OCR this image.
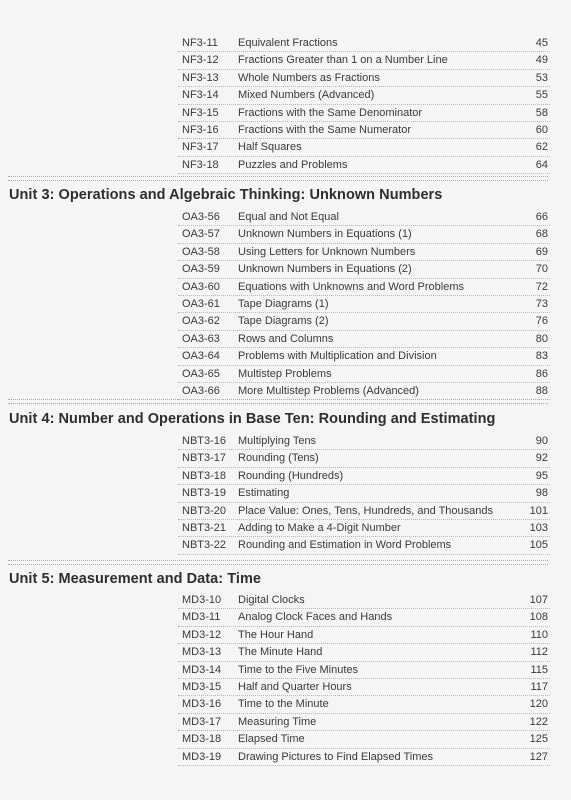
NF3-11 Equivalent Fractions	45
NF3-12 Fractions Greater than 1 on a Number Line	49
NF3-13 Whole Numbers as Fractions	53
NF3-14 Mixed Numbers (Advanced)	55
NF3-15 Fractions with the Same Denominator	58
NF3-16 Fractions with the Same Numerator	60
NF3-17 Half Squares	62
NF3-18 Puzzles and Problems	64
Unit 3: Operations and Algebraic Thinking: Unknown Numbers
OA3-56 Equal and Not Equal	66
OA3-57 Unknown Numbers in Equations (1)	68
OA3-58 Using Letters for Unknown Numbers	69
OA3-59 Unknown Numbers in Equations (2)	70
OA3-60 Equations with Unknowns and Word Problems	72
OA3-61 Tape Diagrams (1)	73
OA3-62 Tape Diagrams (2)	76
OA3-63 Rows and Columns	80
OA3-64 Problems with Multiplication and Division	83
OA3-65 Multistep Problems	86
OA3-66 More Multistep Problems (Advanced)	88
Unit 4: Number and Operations in Base Ten: Rounding and Estimating
NBT3-16 Multiplying Tens	90
NBT3-17 Rounding (Tens)	92
NBT3-18 Rounding (Hundreds)	95
NBT3-19 Estimating	98
NBT3-20 Place Value: Ones, Tens, Hundreds, and Thousands	101
NBT3-21 Adding to Make a 4-Digit Number	103
NBT3-22 Rounding and Estimation in Word Problems	105
Unit 5: Measurement and Data: Time
MD3-10 Digital Clocks	107
MD3-11 Analog Clock Faces and Hands	108
MD3-12 The Hour Hand	110
MD3-13 The Minute Hand	112
MD3-14 Time to the Five Minutes	115
MD3-15 Half and Quarter Hours	117
MD3-16 Time to the Minute	120
MD3-17 Measuring Time	122
MD3-18 Elapsed Time	125
MD3-19 Drawing Pictures to Find Elapsed Times	127
